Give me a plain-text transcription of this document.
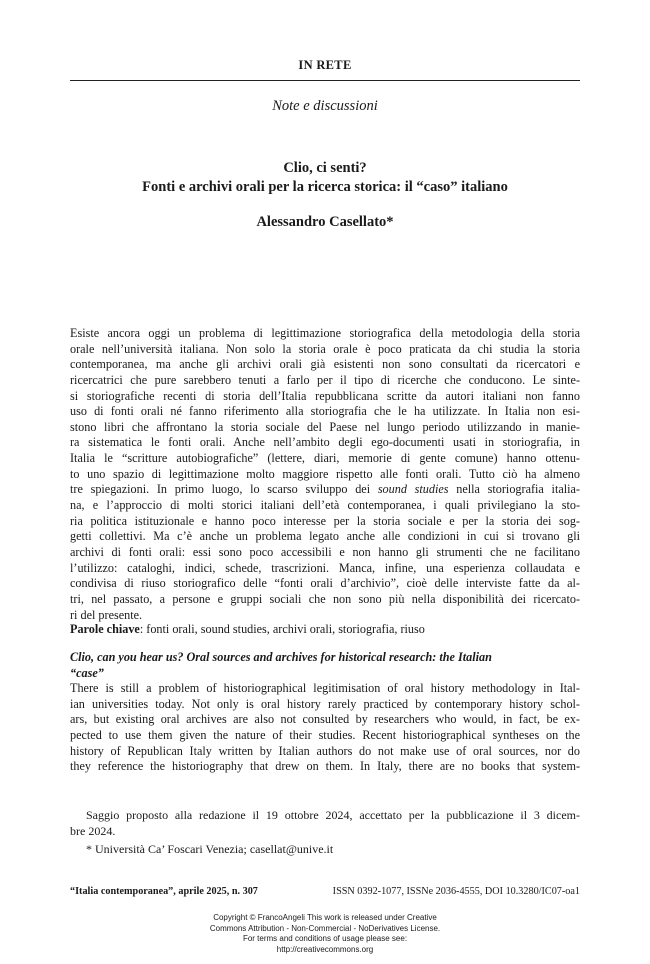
IN RETE
Note e discussioni
Clio, ci senti?
Fonti e archivi orali per la ricerca storica: il “caso” italiano
Alessandro Casellato*
Esiste ancora oggi un problema di legittimazione storiografica della metodologia della storia
orale nell’università italiana. Non solo la storia orale è poco praticata da chi studia la storia
contemporanea, ma anche gli archivi orali già esistenti non sono consultati da ricercatori e
ricercatrici che pure sarebbero tenuti a farlo per il tipo di ricerche che conducono. Le sinte-
si storiografiche recenti di storia dell’Italia repubblicana scritte da autori italiani non fanno
uso di fonti orali né fanno riferimento alla storiografia che le ha utilizzate. In Italia non esi-
stono libri che affrontano la storia sociale del Paese nel lungo periodo utilizzando in maniе-
ra sistematica le fonti orali. Anche nell’ambito degli ego-documenti usati in storiografia, in
Italia le “scritture autobiografiche” (lettere, diari, memorie di gente comune) hanno ottenu-
to uno spazio di legittimazione molto maggiore rispetto alle fonti orali. Tutto ciò ha almeno
tre spiegazioni. In primo luogo, lo scarso sviluppo dei sound studies nella storiografia italia-
na, e l’approccio di molti storici italiani dell’età contemporanea, i quali privilegiano la sto-
ria politica istituzionale e hanno poco interesse per la storia sociale e per la storia dei sog-
getti collettivi. Ma c’è anche un problema legato anche alle condizioni in cui si trovano gli
archivi di fonti orali: essi sono poco accessibili e non hanno gli strumenti che ne facilitano
l’utilizzo: cataloghi, indici, schede, trascrizioni. Manca, infine, una esperienza collaudata e
condivisa di riuso storiografico delle “fonti orali d’archivio”, cioè delle interviste fatte da al-
tri, nel passato, a persone e gruppi sociali che non sono più nella disponibilità dei ricercato-
ri del presente.
Parole chiave: fonti orali, sound studies, archivi orali, storiografia, riuso
Clio, can you hear us? Oral sources and archives for historical research: the Italian
“case”
There is still a problem of historiographical legitimisation of oral history methodology in Ital-
ian universities today. Not only is oral history rarely practiced by contemporary history schol-
ars, but existing oral archives are also not consulted by researchers who would, in fact, be ex-
pected to use them given the nature of their studies. Recent historiographical syntheses on the
history of Republican Italy written by Italian authors do not make use of oral sources, nor do
they reference the historiography that drew on them. In Italy, there are no books that system-
Saggio proposto alla redazione il 19 ottobre 2024, accettato per la pubblicazione il 3 dicem-
bre 2024.
* Università Ca’ Foscari Venezia; casellat@unive.it
“Italia contemporanea”, aprile 2025, n. 307	ISSN 0392-1077, ISSNe 2036-4555, DOI 10.3280/IC07-oa1
Copyright © FrancoAngeli This work is released under Creative
Commons Attribution - Non-Commercial - NoDerivatives License.
For terms and conditions of usage please see:
http://creativecommons.org
